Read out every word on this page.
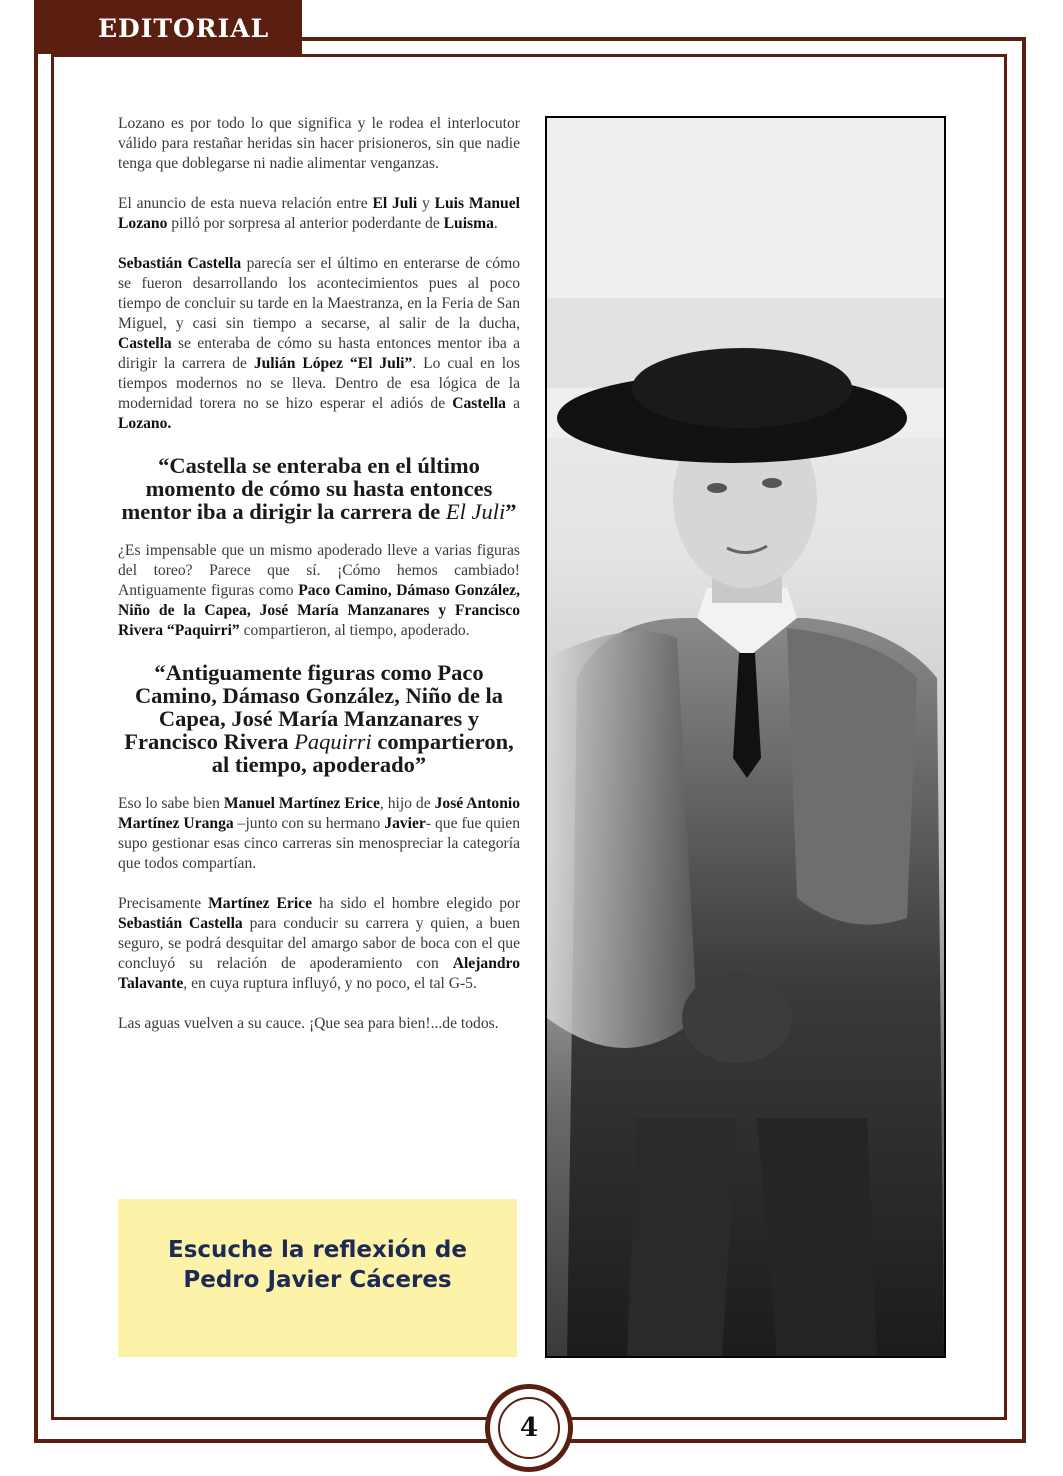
EDITORIAL

Lozano es por todo lo que significa y le rodea el interlocutor válido para restañar heridas sin hacer prisioneros, sin que nadie tenga que doblegarse ni nadie alimentar venganzas.

El anuncio de esta nueva relación entre El Juli y Luis Manuel Lozano pilló por sorpresa al anterior poderdante de Luisma.

Sebastián Castella parecía ser el último en enterarse de cómo se fueron desarrollando los acontecimientos pues al poco tiempo de concluir su tarde en la Maestranza, en la Feria de San Miguel, y casi sin tiempo a secarse, al salir de la ducha, Castella se enteraba de cómo su hasta entonces mentor iba a dirigir la carrera de Julián López “El Juli”. Lo cual en los tiempos modernos no se lleva. Dentro de esa lógica de la modernidad torera no se hizo esperar el adiós de Castella a Lozano.

“Castella se enteraba en el último momento de cómo su hasta entonces mentor iba a dirigir la carrera de El Juli”

¿Es impensable que un mismo apoderado lleve a varias figuras del toreo? Parece que sí. ¡Cómo hemos cambiado! Antiguamente figuras como Paco Camino, Dámaso González, Niño de la Capea, José María Manzanares y Francisco Rivera “Paquirri” compartieron, al tiempo, apoderado.

“Antiguamente figuras como Paco Camino, Dámaso González, Niño de la Capea, José María Manzanares y Francisco Rivera Paquirri compartieron, al tiempo, apoderado”

Eso lo sabe bien Manuel Martínez Erice, hijo de José Antonio Martínez Uranga –junto con su hermano Javier- que fue quien supo gestionar esas cinco carreras sin menospreciar la categoría que todos compartían.

Precisamente Martínez Erice ha sido el hombre elegido por Sebastián Castella para conducir su carrera y quien, a buen seguro, se podrá desquitar del amargo sabor de boca con el que concluyó su relación de apoderamiento con Alejandro Talavante, en cuya ruptura influyó, y no poco, el tal G-5.

Las aguas vuelven a su cauce. ¡Que sea para bien!...de todos.

Escuche la reflexión de
Pedro Javier Cáceres
4
